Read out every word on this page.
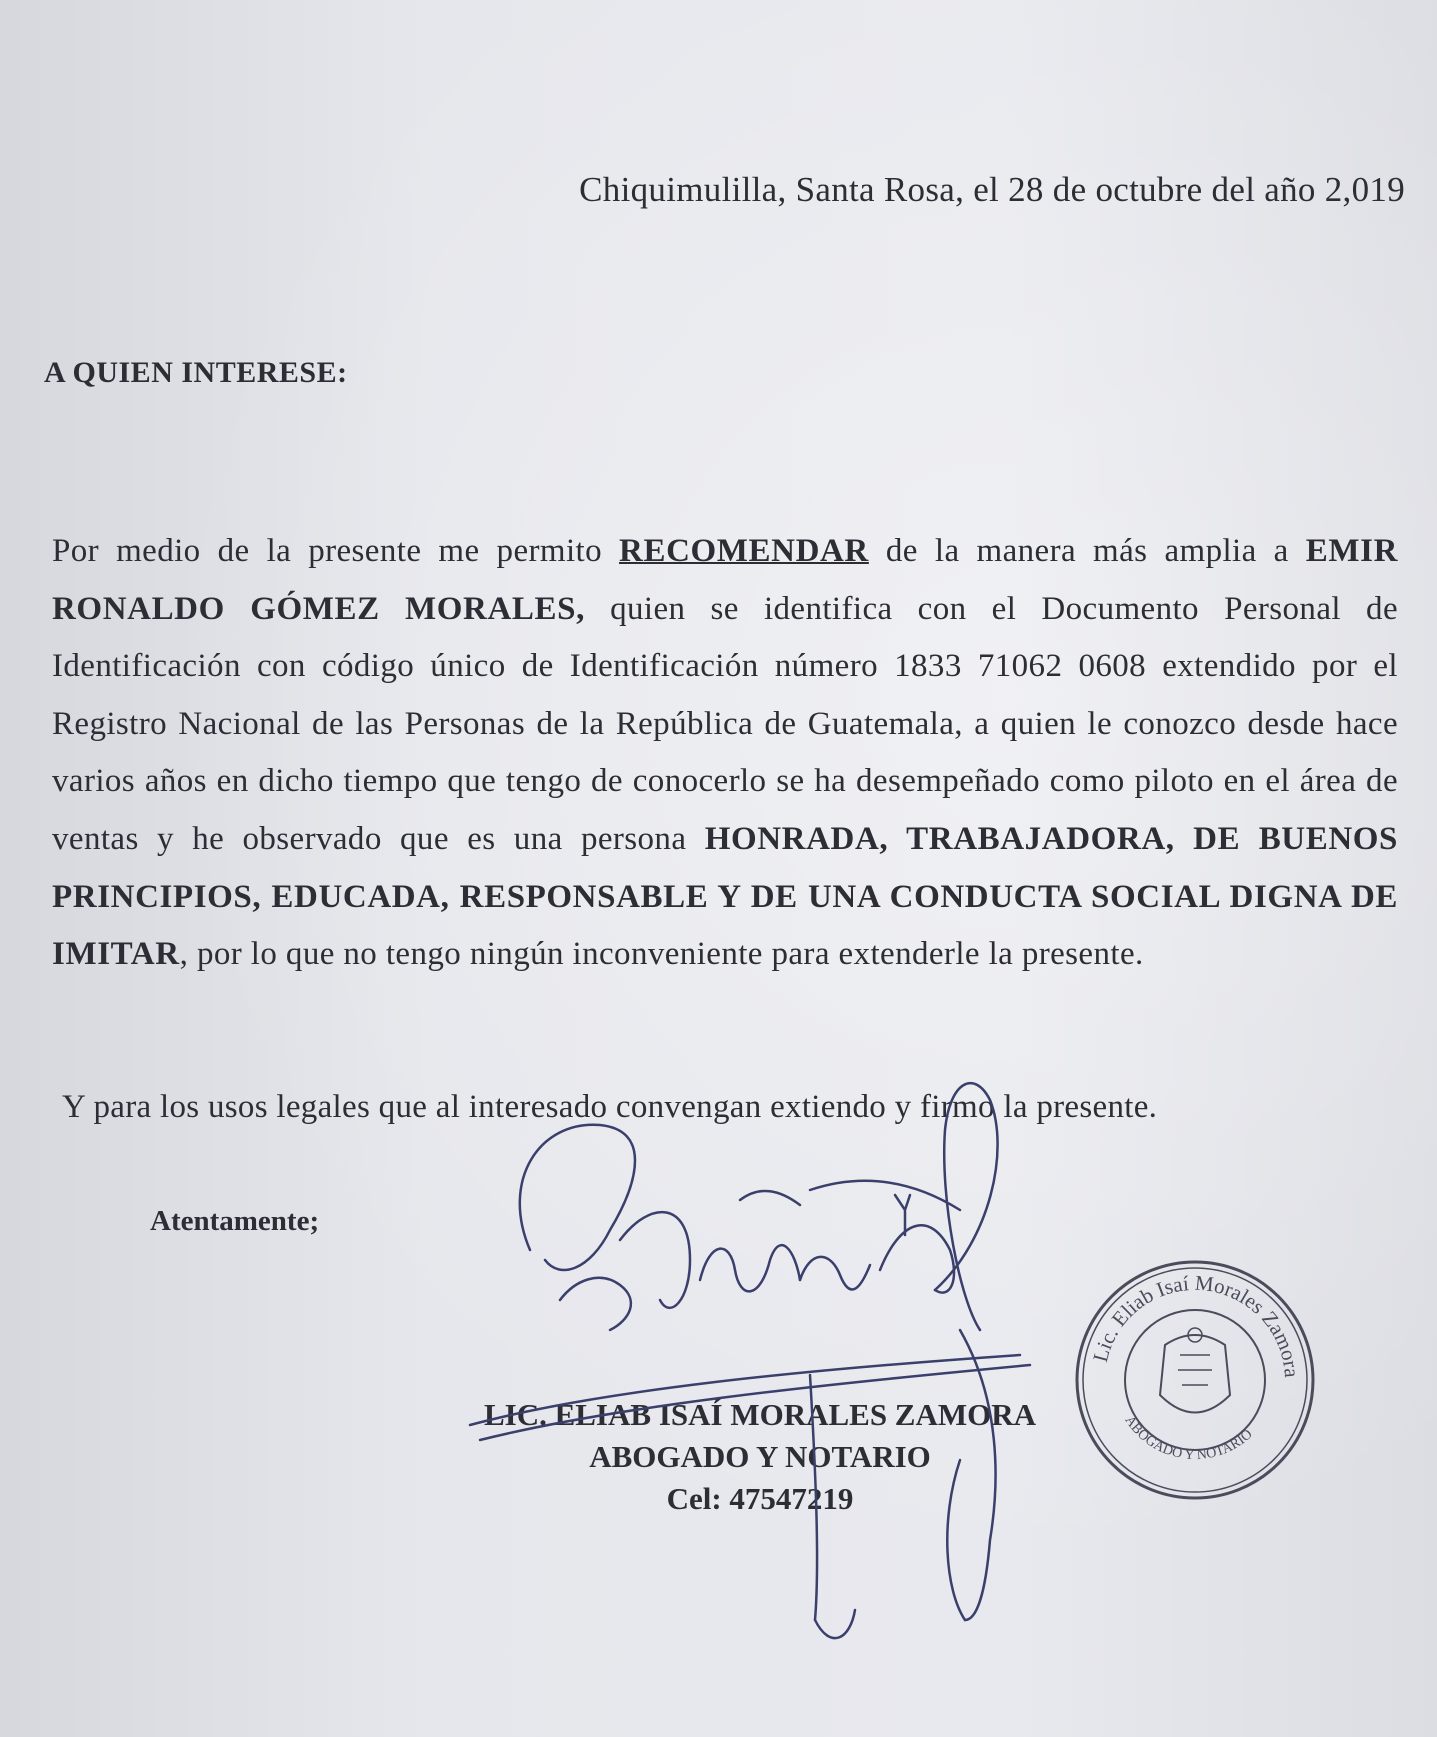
Chiquimulilla, Santa Rosa, el 28 de octubre del año 2,019
A QUIEN INTERESE:
Por medio de la presente me permito RECOMENDAR de la manera más amplia a EMIR RONALDO GÓMEZ MORALES, quien se identifica con el Documento Personal de Identificación con código único de Identificación número 1833 71062 0608 extendido por el Registro Nacional de las Personas de la República de Guatemala, a quien le conozco desde hace varios años en dicho tiempo que tengo de conocerlo se ha desempeñado como piloto en el área de ventas y he observado que es una persona HONRADA, TRABAJADORA, DE BUENOS PRINCIPIOS, EDUCADA, RESPONSABLE Y DE UNA CONDUCTA SOCIAL DIGNA DE IMITAR, por lo que no tengo ningún inconveniente para extenderle la presente.
Y para los usos legales que al interesado convengan extiendo y firmo la presente.
Atentamente;
LIC. ELIAB ISAÍ MORALES ZAMORA
ABOGADO Y NOTARIO
Cel: 47547219
Lic. Eliab Isaí Morales Zamora
ABOGADO Y NOTARIO
